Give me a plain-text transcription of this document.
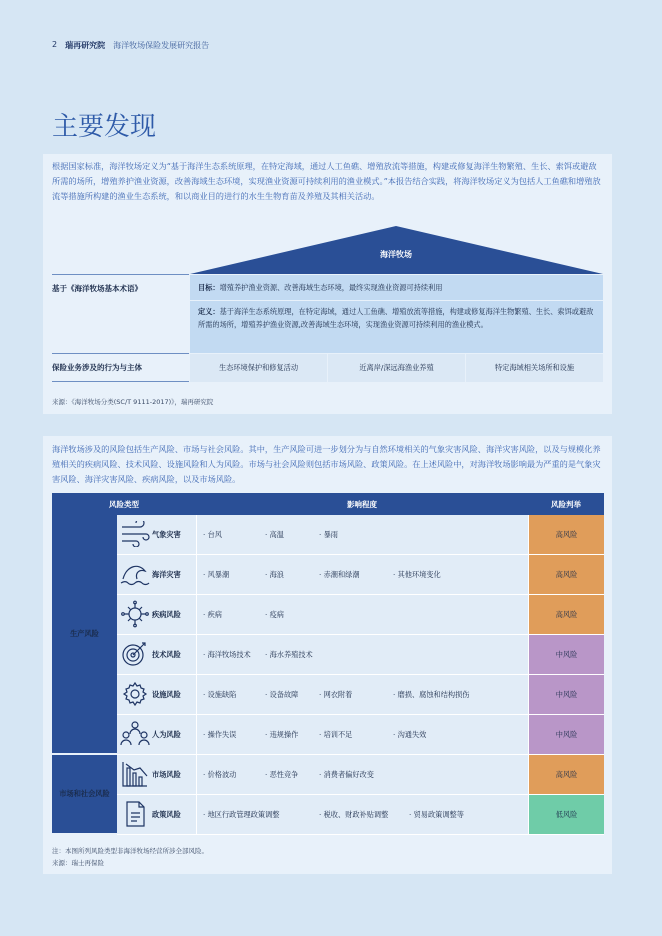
2 瑞再研究院 海洋牧场保险发展研究报告
主要发现
根据国家标准，海洋牧场定义为“基于海洋生态系统原理，在特定海域，通过人工鱼礁、增殖放流等措施，构建或修复海洋生物繁殖、生长、索饵或避敌所需的场所，增殖养护渔业资源，改善海域生态环境，实现渔业资源可持续利用的渔业模式。”本报告结合实践，将海洋牧场定义为包括人工鱼礁和增殖放流等措施所构建的渔业生态系统，和以商业目的进行的水生生物育苗及养殖及其相关活动。
海洋牧场
基于《海洋牧场基本术语》	目标：增殖养护渔业资源、改善海域生态环境，最终实现渔业资源可持续利用
定义：基于海洋生态系统原理，在特定海域，通过人工鱼礁、增殖放流等措施，构建或修复海洋生物繁殖、生长、索饵或避敌所需的场所，增殖养护渔业资源,改善海域生态环境，实现渔业资源可持续利用的渔业模式。
保险业务涉及的行为与主体	生态环境保护和修复活动	近离岸/深远海渔业养殖	特定海域相关场所和设施
来源：《海洋牧场分类(SC/T 9111-2017)》，瑞再研究院
海洋牧场涉及的风险包括生产风险、市场与社会风险。其中，生产风险可进一步划分为与自然环境相关的气象灾害风险、海洋灾害风险，以及与规模化养殖相关的疾病风险、技术风险、设施风险和人为风险。市场与社会风险则包括市场风险、政策风险。在上述风险中，对海洋牧场影响最为严重的是气象灾害风险、海洋灾害风险、疾病风险，以及市场风险。
风险类型			影响程度	风险判举
生产风险		气象灾害	· 台风 · 高温 · 暴雨	高风险
	海洋灾害	· 风暴潮 · 海浪 · 赤潮和绿潮 · 其他环境变化	高风险
	疾病风险	· 疾病 · 疫病	高风险
	技术风险	· 海洋牧场技术 · 海水养殖技术	中风险
	设施风险	· 设施缺陷 · 设备故障 · 网衣附着 · 磨损、腐蚀和结构损伤	中风险
	人为风险	· 操作失误 · 违规操作 · 培训不足 · 沟通失效	中风险
市场和社会风险		市场风险	· 价格波动 · 恶性竞争 · 消费者偏好改变	高风险
	政策风险	· 地区行政管理政策调整 · 税收、财政补贴调整 · 贸易政策调整等	低风险
注：本图所列风险类型非海洋牧场经营所涉全部风险。
来源：瑞士再保险
